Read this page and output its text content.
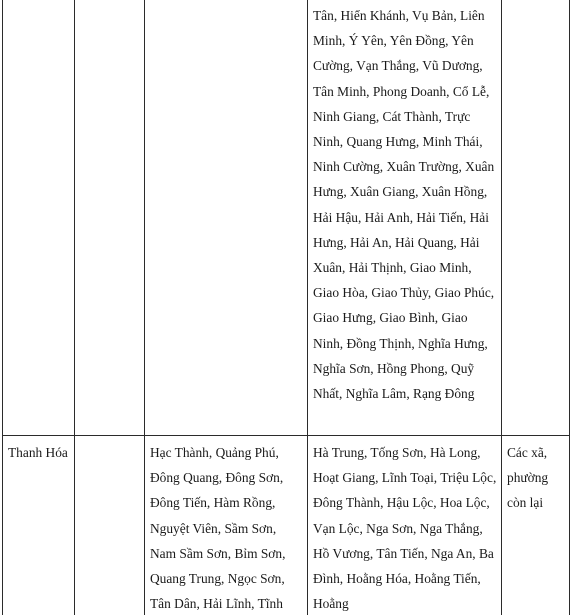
			Tân, Hiển Khánh, Vụ Bản, Liên Minh, Ý Yên, Yên Đồng, Yên Cường, Vạn Thắng, Vũ Dương, Tân Minh, Phong Doanh, Cổ Lễ, Ninh Giang, Cát Thành, Trực Ninh, Quang Hưng, Minh Thái, Ninh Cường, Xuân Trường, Xuân Hưng, Xuân Giang, Xuân Hồng, Hải Hậu, Hải Anh, Hải Tiến, Hải Hưng, Hải An, Hải Quang, Hải Xuân, Hải Thịnh, Giao Minh, Giao Hòa, Giao Thủy, Giao Phúc, Giao Hưng, Giao Bình, Giao Ninh, Đồng Thịnh, Nghĩa Hưng, Nghĩa Sơn, Hồng Phong, Quỹ Nhất, Nghĩa Lâm, Rạng Đông	

Thanh Hóa		Hạc Thành, Quảng Phú, Đông Quang, Đông Sơn, Đông Tiến, Hàm Rồng, Nguyệt Viên, Sầm Sơn, Nam Sầm Sơn, Bỉm Sơn, Quang Trung, Ngọc Sơn, Tân Dân, Hải Lĩnh, Tĩnh	Hà Trung, Tống Sơn, Hà Long, Hoạt Giang, Lĩnh Toại, Triệu Lộc, Đông Thành, Hậu Lộc, Hoa Lộc, Vạn Lộc, Nga Sơn, Nga Thắng, Hồ Vương, Tân Tiến, Nga An, Ba Đình, Hoằng Hóa, Hoằng Tiến, Hoằng	Các xã, phường còn lại
